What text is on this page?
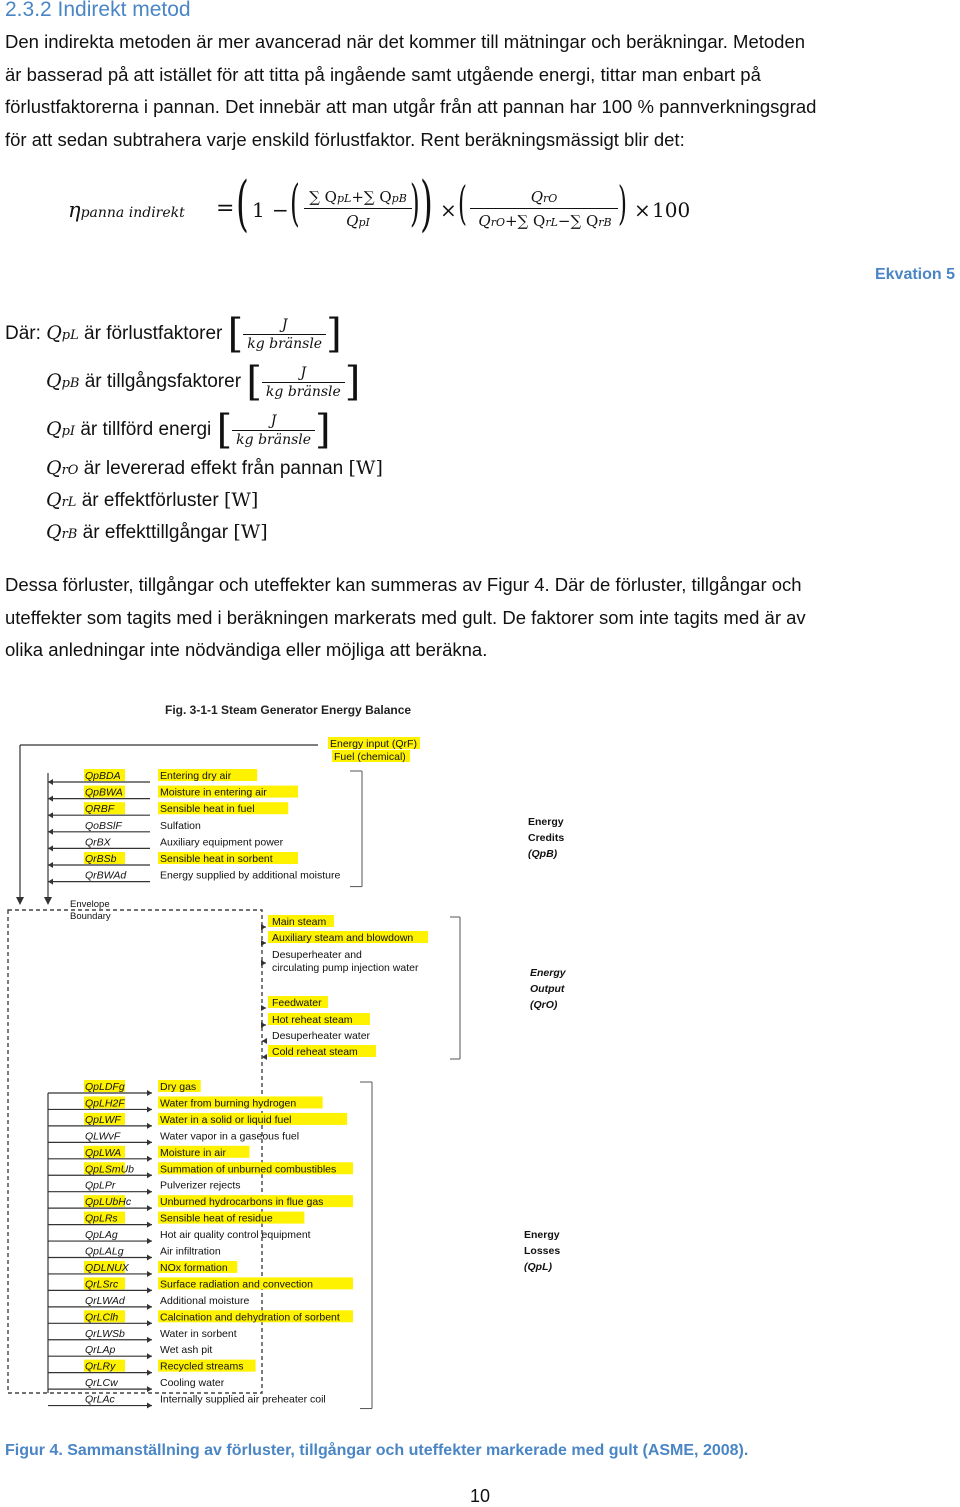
2.3.2 Indirekt metod
Den indirekta metoden är mer avancerad när det kommer till mätningar och beräkningar. Metoden
är basserad på att istället för att titta på ingående samt utgående energi, tittar man enbart på
förlustfaktorerna i pannan. Det innebär att man utgår från att pannan har 100 % pannverkningsgrad
för att sedan subtrahera varje enskild förlustfaktor. Rent beräkningsmässigt blir det:
ηpanna indirekt = ( 1 − ( ∑ QpL+∑ QpB
QpI ) ) × (	QrO
QrO+∑ QrL−∑ QrB ) × 100
Ekvation 5
Där: QpL är förlustfaktorer [ $\frac{J}{\text{kg bränsle}}$ ]
QpB är tillgångsfaktorer [ $\frac{J}{\text{kg bränsle}}$ ]
QpI är tillförd energi [ $\frac{J}{\text{kg bränsle}}$ ]
QrO är levererad effekt från pannan [W]
QrL är effektförluster [W]
QrB är effekttillgångar [W]
Dessa förluster, tillgångar och uteffekter kan summeras av Figur 4. Där de förluster, tillgångar och
uteffekter som tagits med i beräkningen markerats med gult. De faktorer som inte tagits med är av
olika anledningar inte nödvändiga eller möjliga att beräkna.
Fig. 3-1-1 Steam Generator Energy Balance
Energy input (QrF)
Fuel (chemical)
QpBDA	Entering dry air
QpBWA	Moisture in entering air
QRBF	Sensible heat in fuel
QoBSlF	Sulfation
QrBX	Auxiliary equipment power
QrBSb	Sensible heat in sorbent
QrBWAd	Energy supplied by additional moisture
Energy
Credits
(QpB)
Envelope
Boundary	Main steam
Auxiliary steam and blowdown
Desuperheater and
circulating pump injection water
Feedwater
Hot reheat steam
Desuperheater water
Cold reheat steam
Energy
Output
(QrO)
QpLDFg	Dry gas
QpLH2F	Water from burning hydrogen
QpLWF	Water in a solid or liquid fuel
QLWvF	Water vapor in a gaseous fuel
QpLWA	Moisture in air
QpLSmUb Summation of unburned combustibles
QpLPr	Pulverizer rejects
QpLUbHc	Unburned hydrocarbons in flue gas
QpLRs	Sensible heat of residue
QpLAg	Hot air quality control equipment
QpLALg	Air infiltration
QDLNUX	NOx formation
QrLSrc	Surface radiation and convection
QrLWAd	Additional moisture
QrLClh	Calcination and dehydration of sorbent
QrLWSb	Water in sorbent
QrLAp	Wet ash pit
QrLRy	Recycled streams
QrLCw	Cooling water
QrLAc	Internally supplied air preheater coil
Energy
Losses
(QpL)
Figur 4. Sammanställning av förluster, tillgångar och uteffekter markerade med gult (ASME, 2008).
10
